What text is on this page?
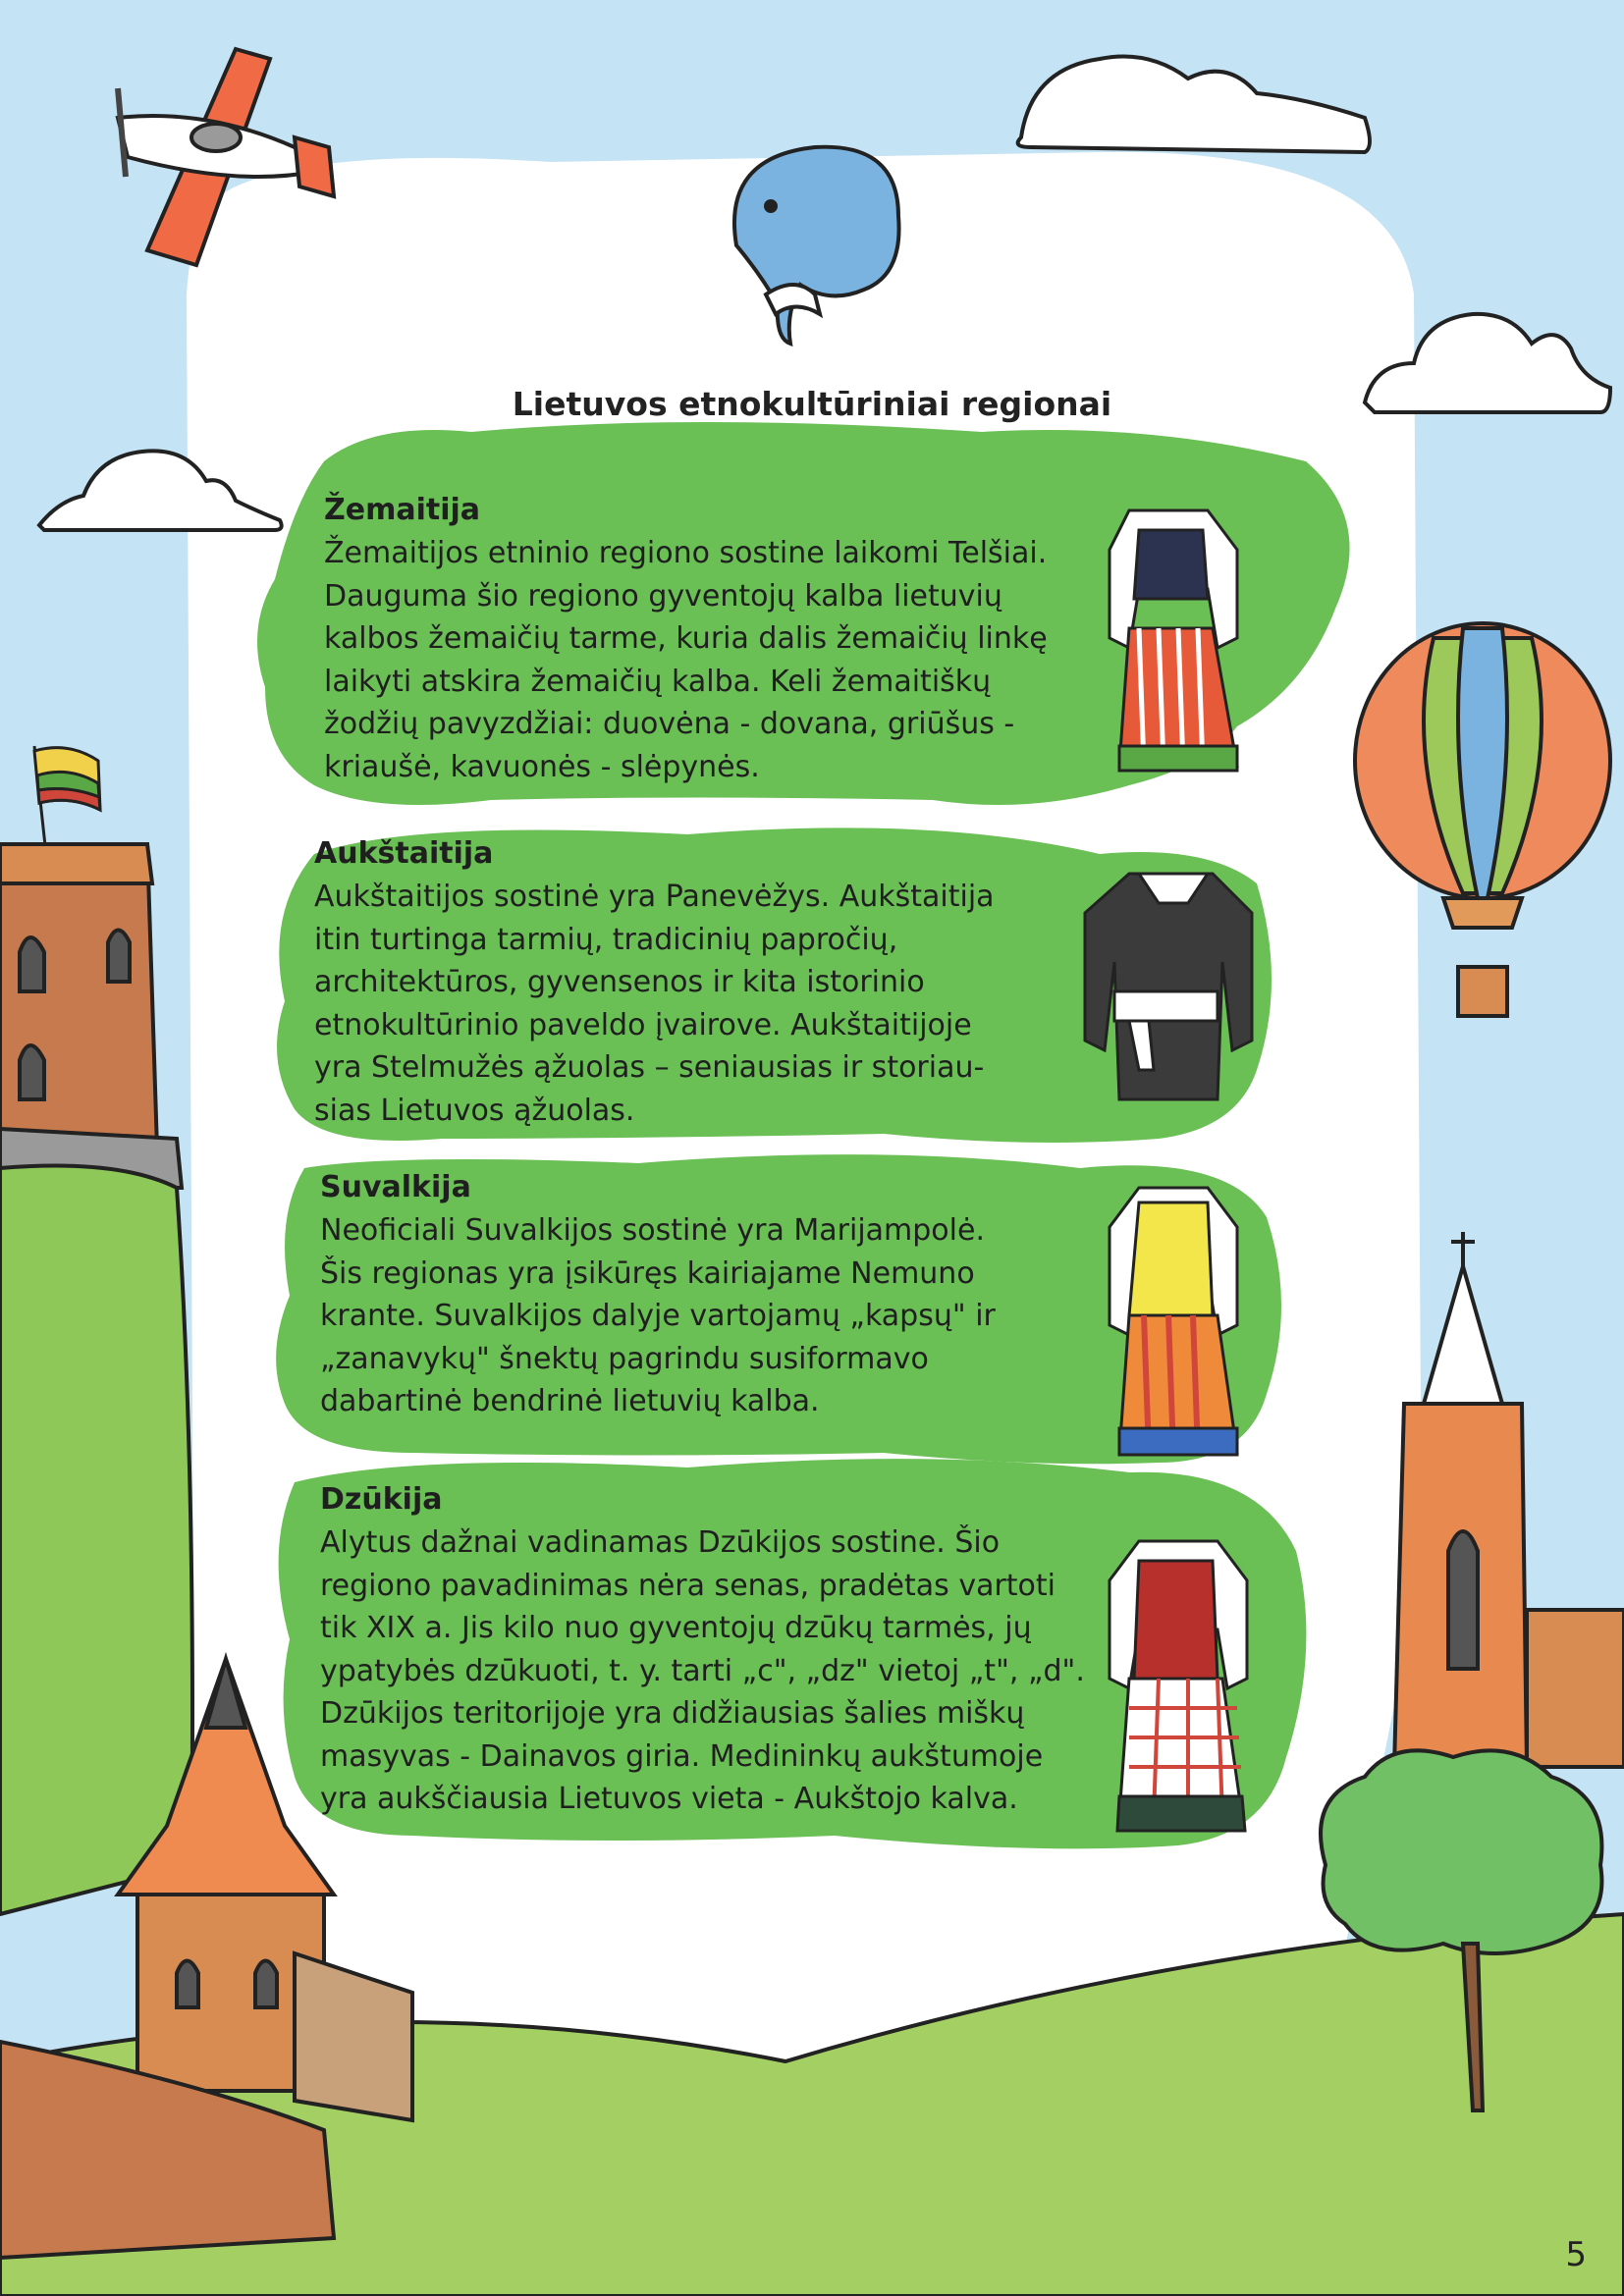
Lietuvos etnokultūriniai regionai
Žemaitija

Žemaitijos etninio regiono sostine laikomi Telšiai.
Dauguma šio regiono gyventojų kalba lietuvių
kalbos žemaičių tarme, kuria dalis žemaičių linkę
laikyti atskira žemaičių kalba. Keli žemaitiškų
žodžių pavyzdžiai: duovėna - dovana, griūšus -
kriaušė, kavuonės - slėpynės.

Aukštaitija

Aukštaitijos sostinė yra Panevėžys. Aukštaitija
itin turtinga tarmių, tradicinių papročių,
architektūros, gyvensenos ir kita istorinio
etnokultūrinio paveldo įvairove. Aukštaitijoje
yra Stelmužės ąžuolas – seniausias ir storiau-
sias Lietuvos ąžuolas.

Suvalkija

Neoficiali Suvalkijos sostinė yra Marijampolė.
Šis regionas yra įsikūręs kairiajame Nemuno
krante. Suvalkijos dalyje vartojamų „kapsų" ir
„zanavykų" šnektų pagrindu susiformavo
dabartinė bendrinė lietuvių kalba.

Dzūkija

Alytus dažnai vadinamas Dzūkijos sostine. Šio
regiono pavadinimas nėra senas, pradėtas vartoti
tik XIX a. Jis kilo nuo gyventojų dzūkų tarmės, jų
ypatybės dzūkuoti, t. y. tarti „c", „dz" vietoj „t", „d".
Dzūkijos teritorijoje yra didžiausias šalies miškų
masyvas - Dainavos giria. Medininkų aukštumoje
yra aukščiausia Lietuvos vieta - Aukštojo kalva.

5
